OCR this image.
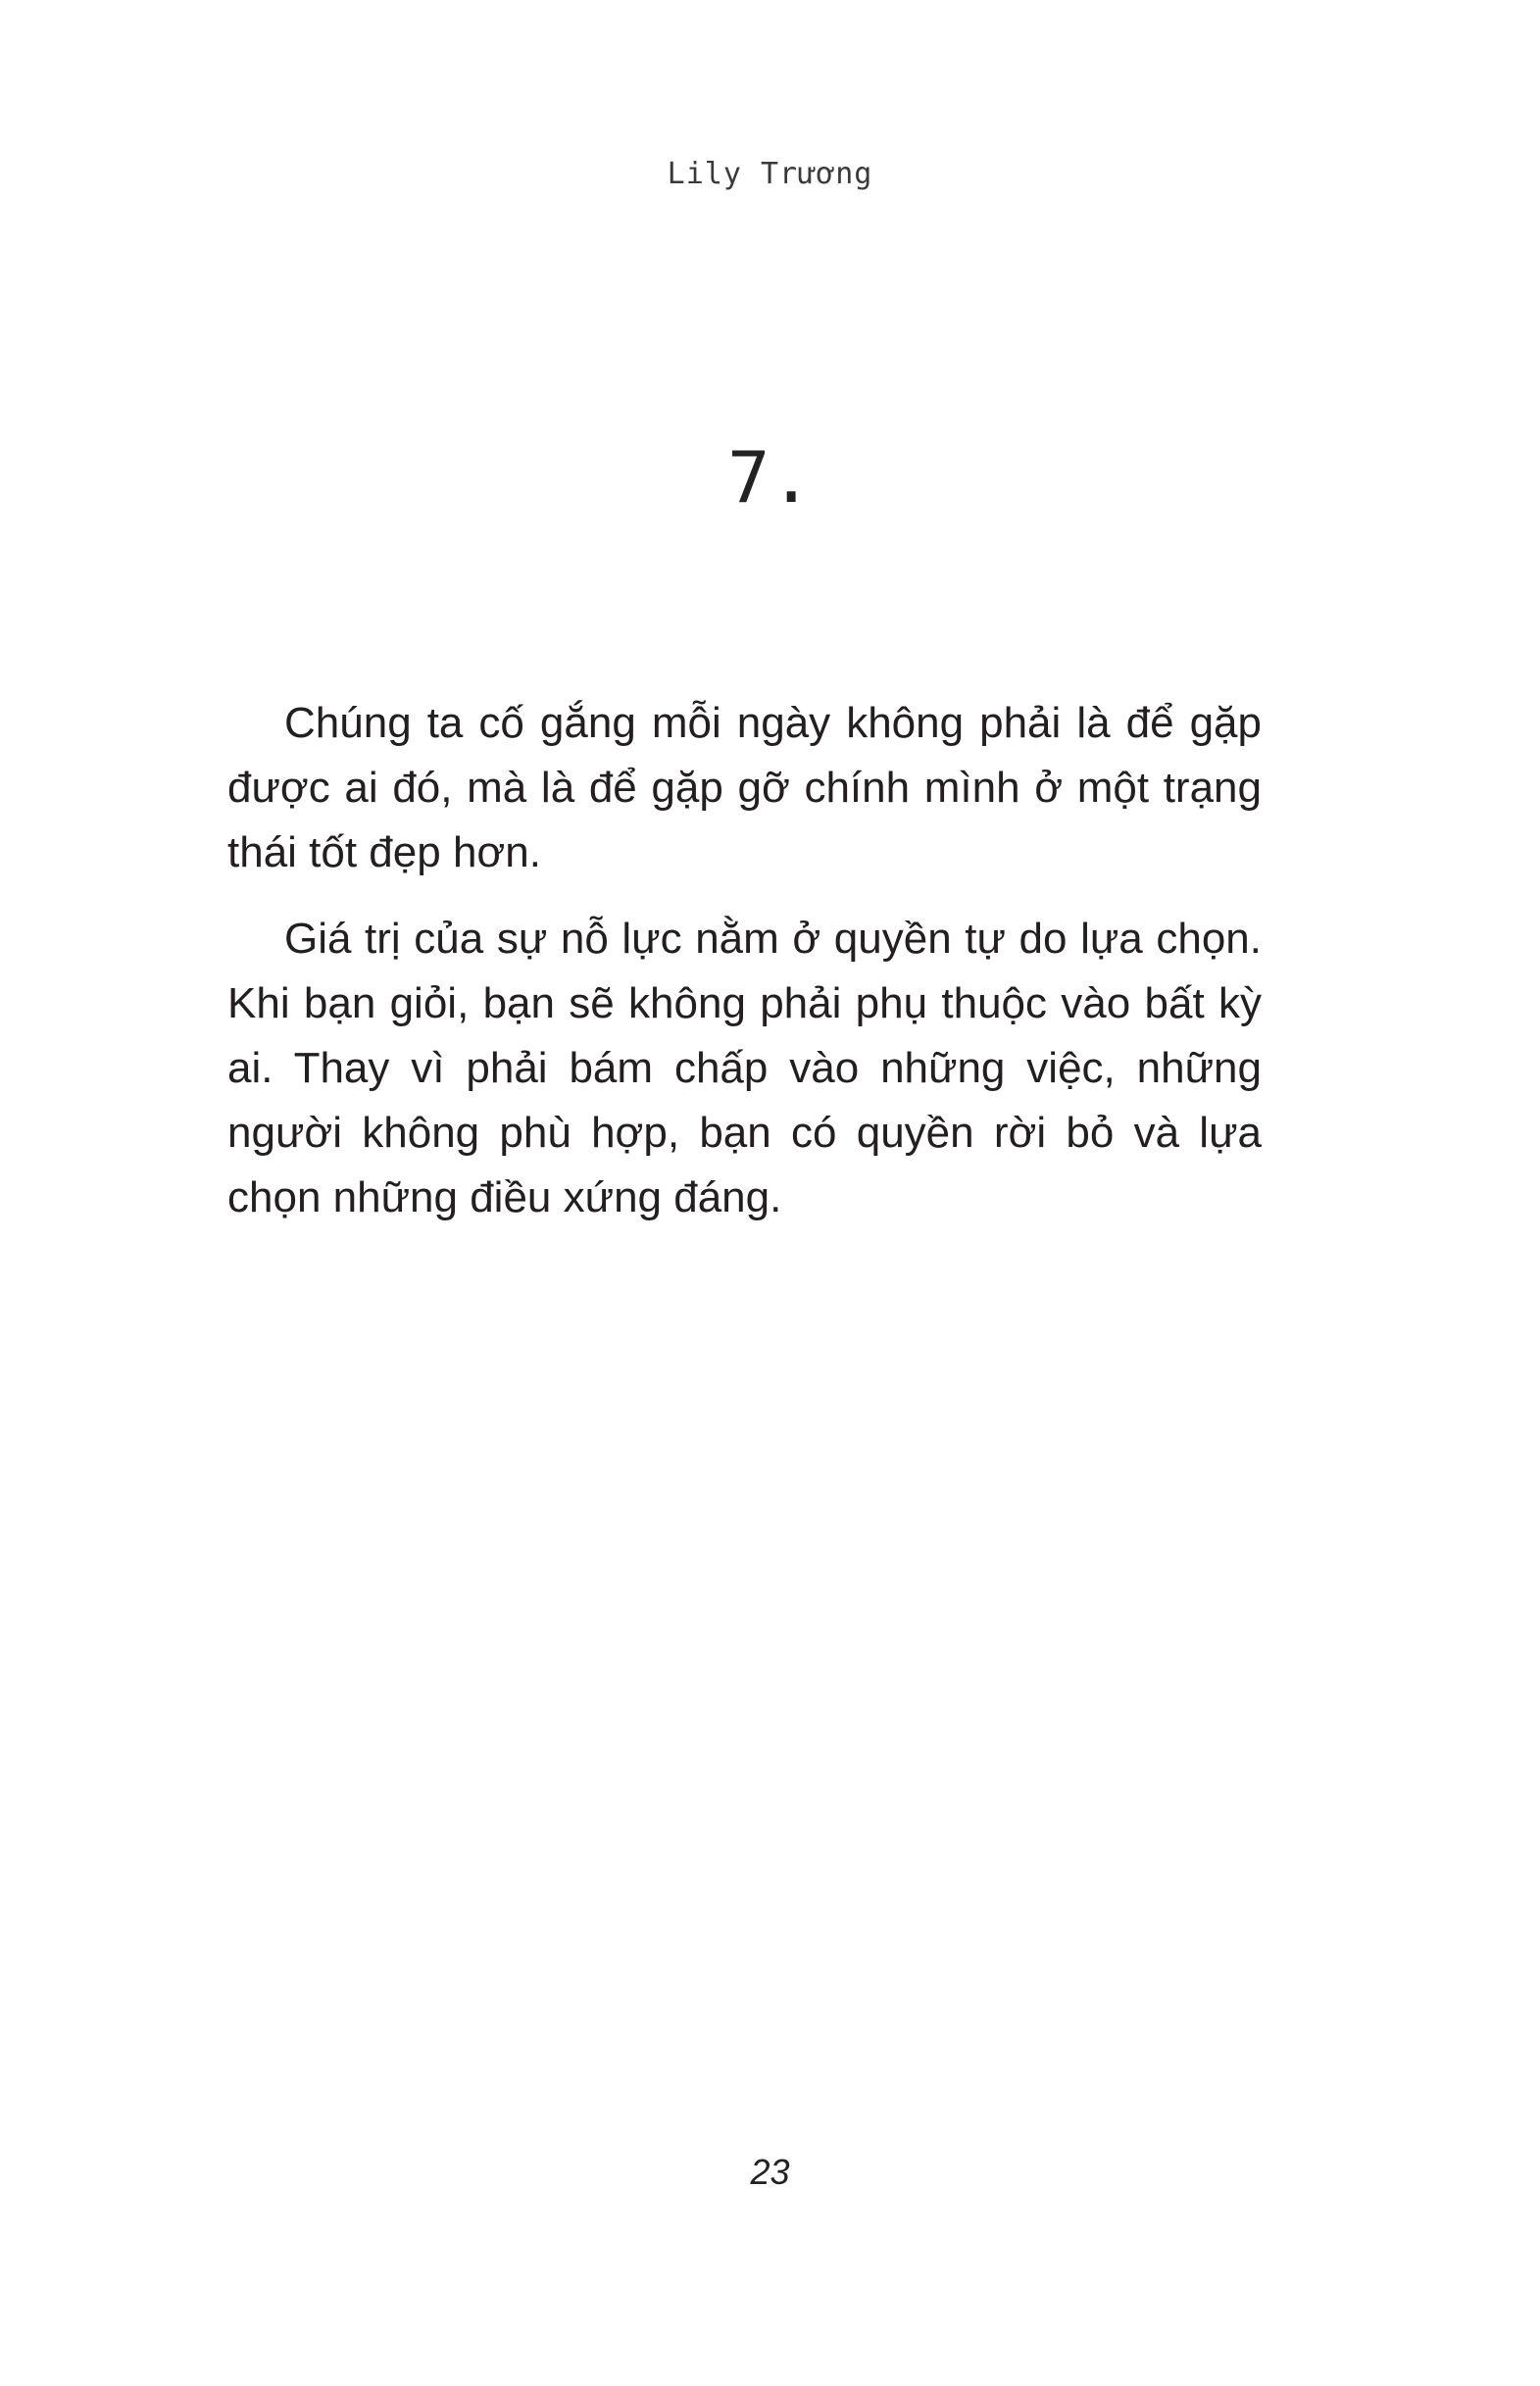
Lily Trương
7.

Chúng ta cố gắng mỗi ngày không phải là để gặp được ai đó, mà là để gặp gỡ chính mình ở một trạng thái tốt đẹp hơn.

Giá trị của sự nỗ lực nằm ở quyền tự do lựa chọn. Khi bạn giỏi, bạn sẽ không phải phụ thuộc vào bất kỳ ai. Thay vì phải bám chấp vào những việc, những người không phù hợp, bạn có quyền rời bỏ và lựa chọn những điều xứng đáng.

23
